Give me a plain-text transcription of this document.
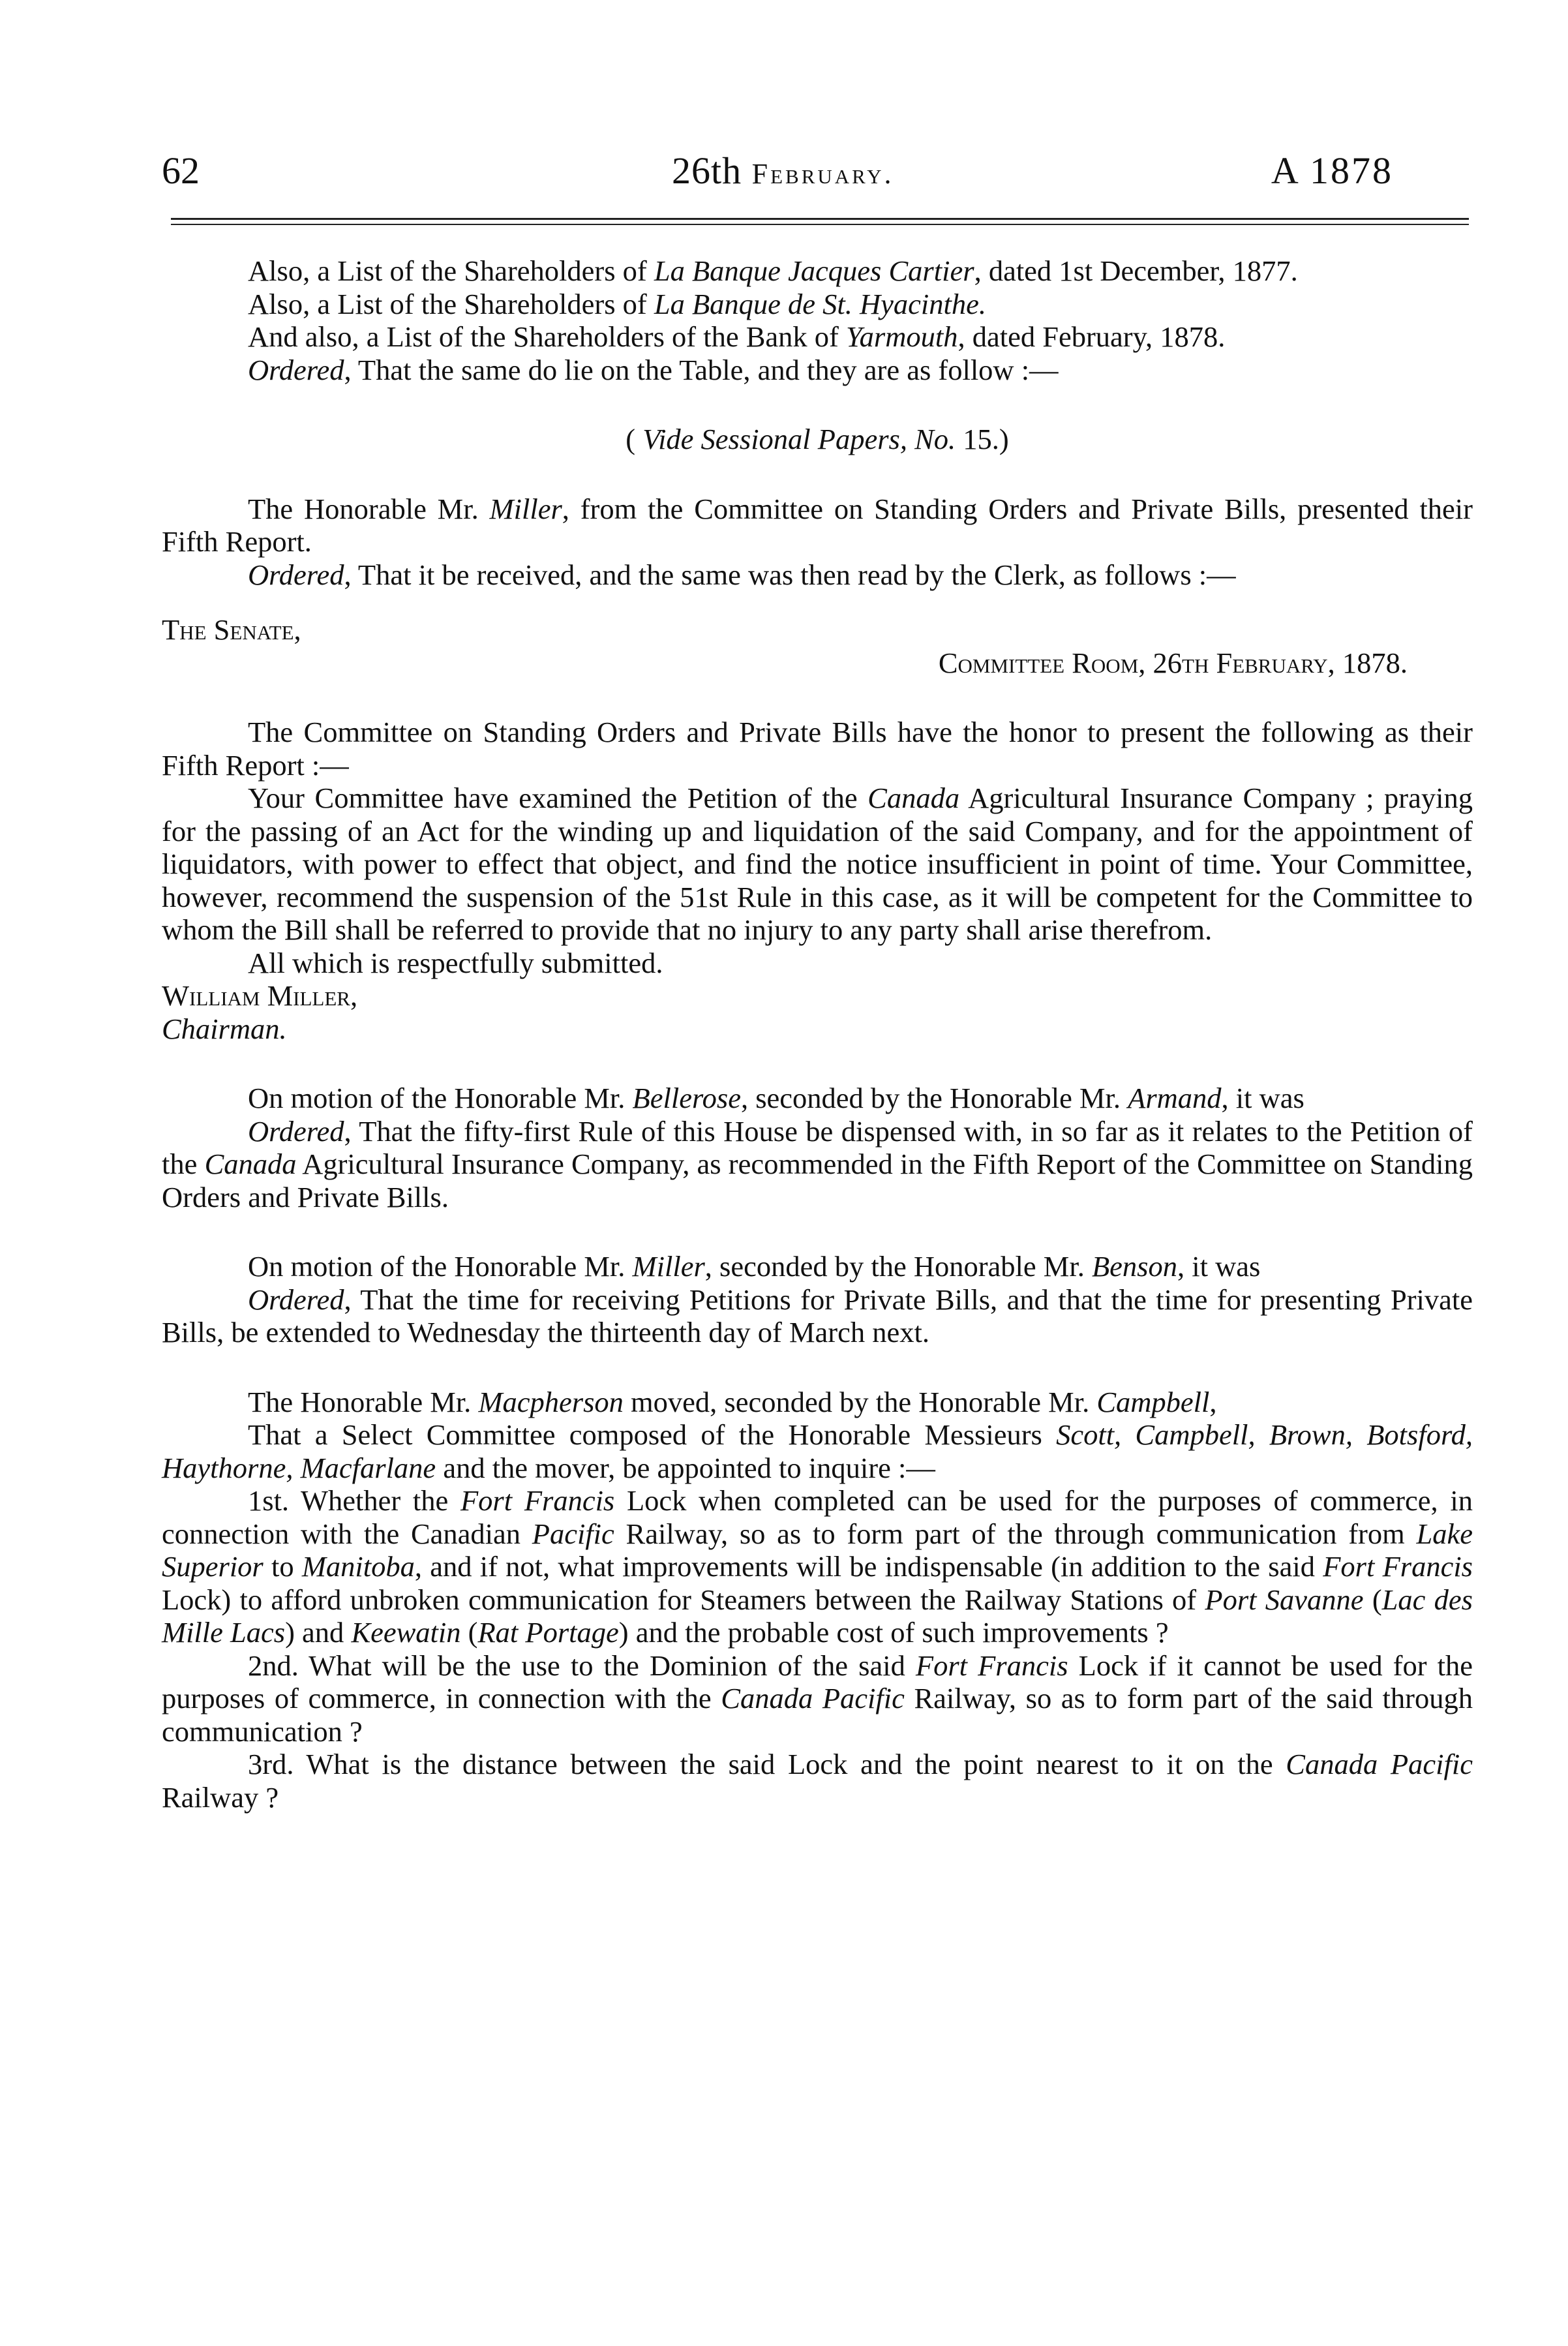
62	26th February.	A 1878

Also, a List of the Shareholders of La Banque Jacques Cartier, dated 1st December, 1877.

Also, a List of the Shareholders of La Banque de St. Hyacinthe.

And also, a List of the Shareholders of the Bank of Yarmouth, dated February, 1878.

Ordered, That the same do lie on the Table, and they are as follow :—

( Vide Sessional Papers, No. 15.)

The Honorable Mr. Miller, from the Committee on Standing Orders and Private Bills, presented their Fifth Report.

Ordered, That it be received, and the same was then read by the Clerk, as follows :—

The Senate,

Committee Room, 26th February, 1878.

The Committee on Standing Orders and Private Bills have the honor to present the following as their Fifth Report :—

Your Committee have examined the Petition of the Canada Agricultural Insurance Company ; praying for the passing of an Act for the winding up and liquidation of the said Company, and for the appointment of liquidators, with power to effect that object, and find the notice insufficient in point of time. Your Committee, however, recommend the suspension of the 51st Rule in this case, as it will be competent for the Committee to whom the Bill shall be referred to provide that no injury to any party shall arise therefrom.

All which is respectfully submitted.

William Miller,

Chairman.

On motion of the Honorable Mr. Bellerose, seconded by the Honorable Mr. Armand, it was

Ordered, That the fifty-first Rule of this House be dispensed with, in so far as it relates to the Petition of the Canada Agricultural Insurance Company, as recommended in the Fifth Report of the Committee on Standing Orders and Private Bills.

On motion of the Honorable Mr. Miller, seconded by the Honorable Mr. Benson, it was

Ordered, That the time for receiving Petitions for Private Bills, and that the time for presenting Private Bills, be extended to Wednesday the thirteenth day of March next.

The Honorable Mr. Macpherson moved, seconded by the Honorable Mr. Campbell,

That a Select Committee composed of the Honorable Messieurs Scott, Campbell, Brown, Botsford, Haythorne, Macfarlane and the mover, be appointed to inquire :—

1st. Whether the Fort Francis Lock when completed can be used for the purposes of commerce, in connection with the Canadian Pacific Railway, so as to form part of the through communication from Lake Superior to Manitoba, and if not, what improvements will be indispensable (in addition to the said Fort Francis Lock) to afford unbroken communication for Steamers between the Railway Stations of Port Savanne (Lac des Mille Lacs) and Keewatin (Rat Portage) and the probable cost of such improvements ?

2nd. What will be the use to the Dominion of the said Fort Francis Lock if it cannot be used for the purposes of commerce, in connection with the Canada Pacific Railway, so as to form part of the said through communication ?

3rd. What is the distance between the said Lock and the point nearest to it on the Canada Pacific Railway ?
